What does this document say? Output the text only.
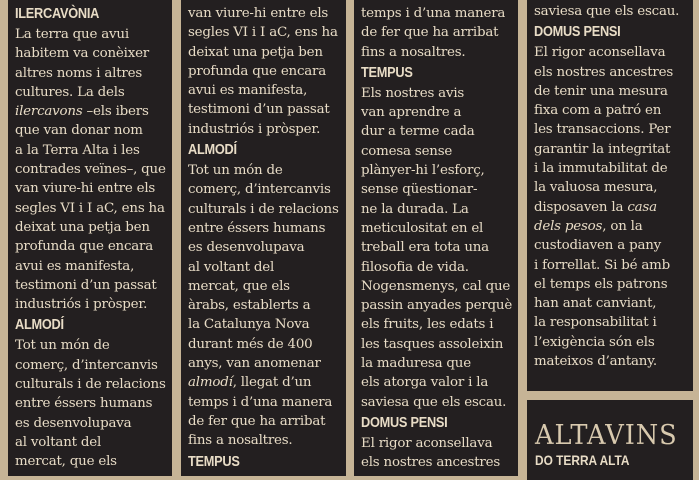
ILERCAVÒNIA
La terra que avui
habitem va conèixer
altres noms i altres
cultures. La dels
ilercavons –els ibers
que van donar nom
a la Terra Alta i les
contrades veïnes–, que
van viure-hi entre els
segles VI i I aC, ens ha
deixat una petja ben
profunda que encara
avui es manifesta,
testimoni d’un passat
industriós i pròsper.
ALMODÍ
Tot un món de
comerç, d’intercanvis
culturals i de relacions
entre éssers humans
es desenvolupava
al voltant del
mercat, que els
van viure-hi entre els
segles VI i I aC, ens ha
deixat una petja ben
profunda que encara
avui es manifesta,
testimoni d’un passat
industriós i pròsper.
ALMODÍ
Tot un món de
comerç, d’intercanvis
culturals i de relacions
entre éssers humans
es desenvolupava
al voltant del
mercat, que els
àrabs, establerts a
la Catalunya Nova
durant més de 400
anys, van anomenar
almodí, llegat d’un
temps i d’una manera
de fer que ha arribat
fins a nosaltres.
TEMPUS
temps i d’una manera
de fer que ha arribat
fins a nosaltres.
TEMPUS
Els nostres avis
van aprendre a
dur a terme cada
comesa sense
plànyer-hi l’esforç,
sense qüestionar-
ne la durada. La
meticulositat en el
treball era tota una
filosofia de vida.
Nogensmenys, cal que
passin anyades perquè
els fruits, les edats i
les tasques assoleixin
la maduresa que
els atorga valor i la
saviesa que els escau.
DOMUS PENSI
El rigor aconsellava
els nostres ancestres
saviesa que els escau.
DOMUS PENSI
El rigor aconsellava
els nostres ancestres
de tenir una mesura
fixa com a patró en
les transaccions. Per
garantir la integritat
i la immutabilitat de
la valuosa mesura,
disposaven la casa
dels pesos, on la
custodiaven a pany
i forrellat. Si bé amb
el temps els patrons
han anat canviant,
la responsabilitat i
l’exigència són els
mateixos d’antany.
ALTAVINS
DO TERRA ALTA
